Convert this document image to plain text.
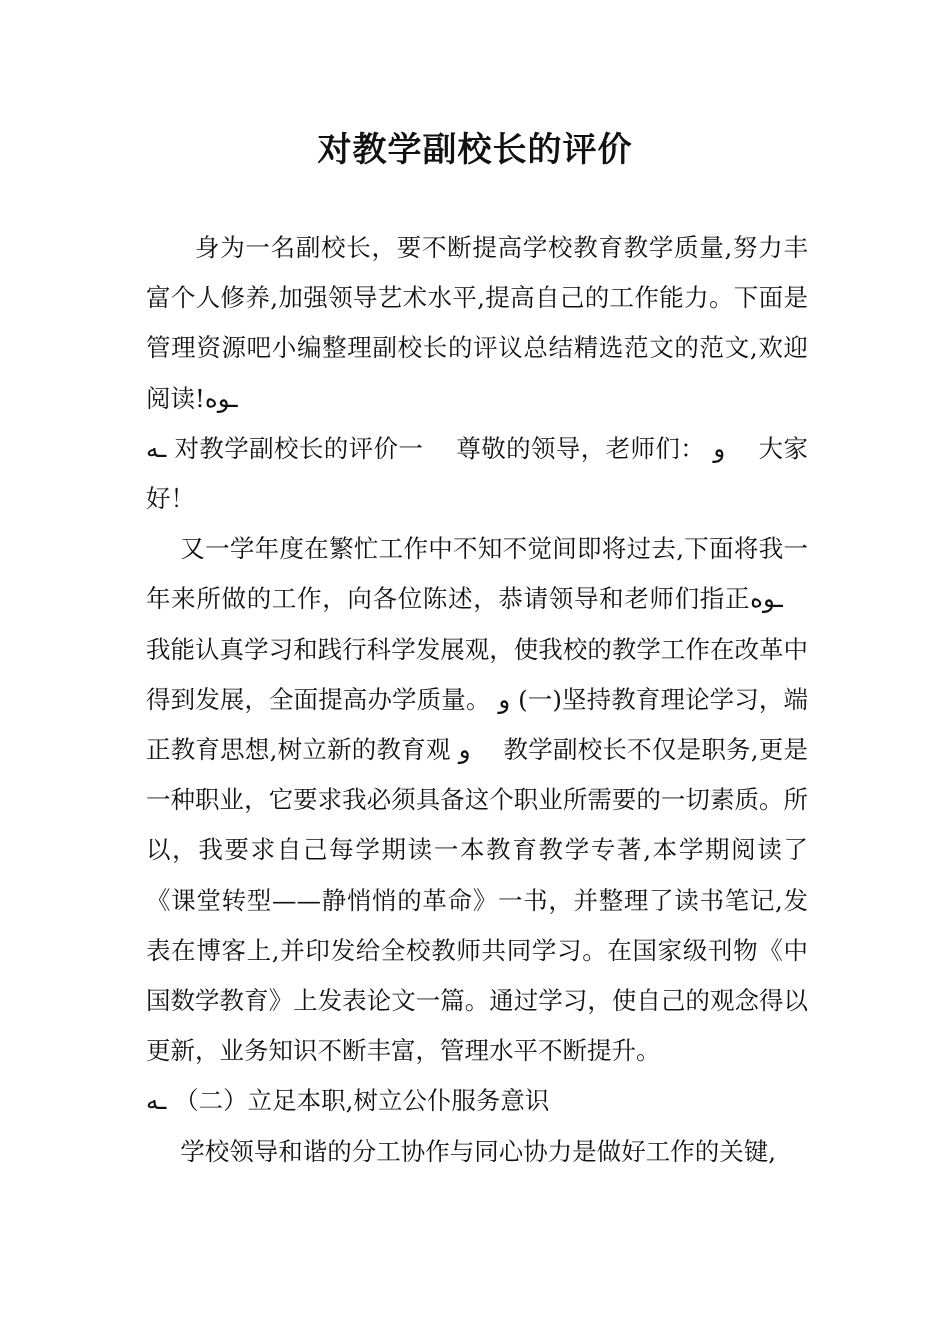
对教学副校长的评价

身为一名副校长，要不断提高学校教育教学质量,努力丰富个人修养,加强领导艺术水平,提高自己的工作能力。下面是管理资源吧小编整理副校长的评议总结精选范文的范文,欢迎阅读!ـوه

ـه 对教学副校长的评价一　 尊敬的领导，老师们： و　 大家好！

又一学年度在繁忙工作中不知不觉间即将过去,下面将我一年来所做的工作，向各位陈述，恭请领导和老师们指正ـوه　 我能认真学习和践行科学发展观，使我校的教学工作在改革中得到发展，全面提高办学质量。 و (一)坚持教育理论学习，端正教育思想,树立新的教育观 و　 教学副校长不仅是职务,更是一种职业，它要求我必须具备这个职业所需要的一切素质。所以，我要求自己每学期读一本教育教学专著,本学期阅读了《课堂转型——静悄悄的革命》一书，并整理了读书笔记,发表在博客上,并印发给全校教师共同学习。在国家级刊物《中国数学教育》上发表论文一篇。通过学习，使自己的观念得以更新，业务知识不断丰富，管理水平不断提升。

ـه （二）立足本职,树立公仆服务意识

学校领导和谐的分工协作与同心协力是做好工作的关键,
